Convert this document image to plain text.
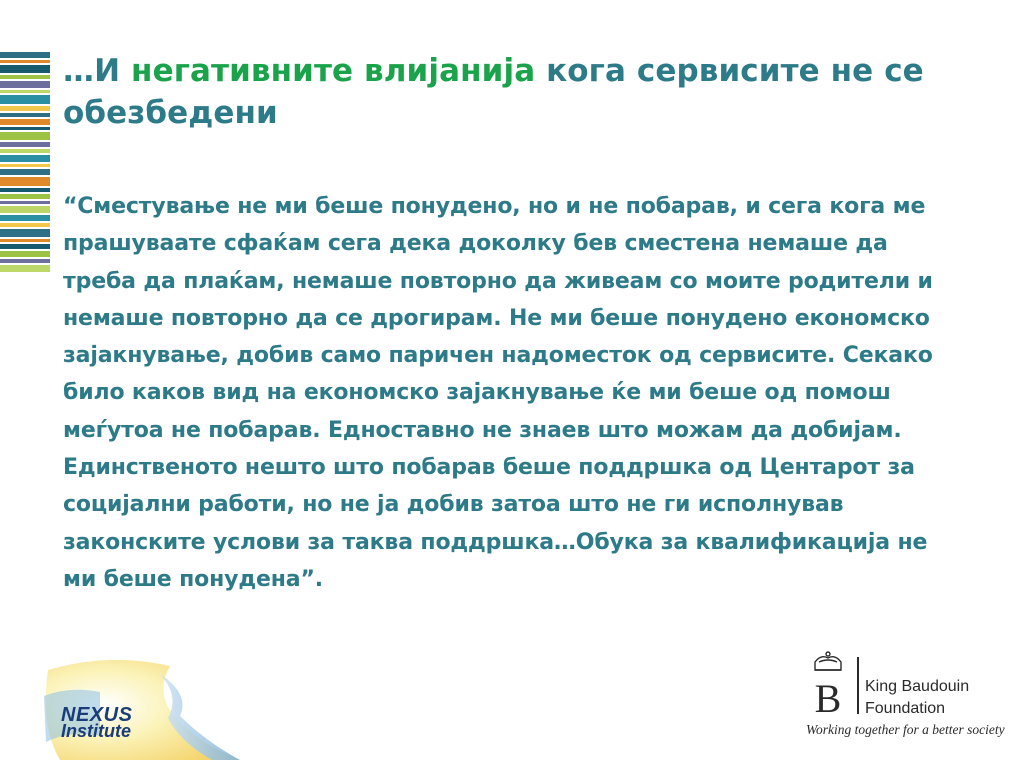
…И негативните влијанија кога сервисите не се обезбедени

“Сместување не ми беше понудено, но и не побарав, и сега кога ме прашуваате сфаќам сега дека доколку бев сместена немаше да треба да плаќам, немаше повторно да живеам со моите родители и немаше повторно да се дрогирам. Не ми беше понудено економско зајакнување, добив само паричен надоместок од сервисите. Секако било каков вид на економско зајакнување ќе ми беше од помош меѓутоа не побарав. Едноставно не знаев што можам да добијам. Единственото нешто што побарав беше поддршка од Центарот за социјални работи, но не ја добив затоа што не ги исполнував законските услови за таква поддршка…Обука за квалификација не ми беше понудена”.

NEXUS
Institute
B King Baudouin
Foundation
Working together for a better society
